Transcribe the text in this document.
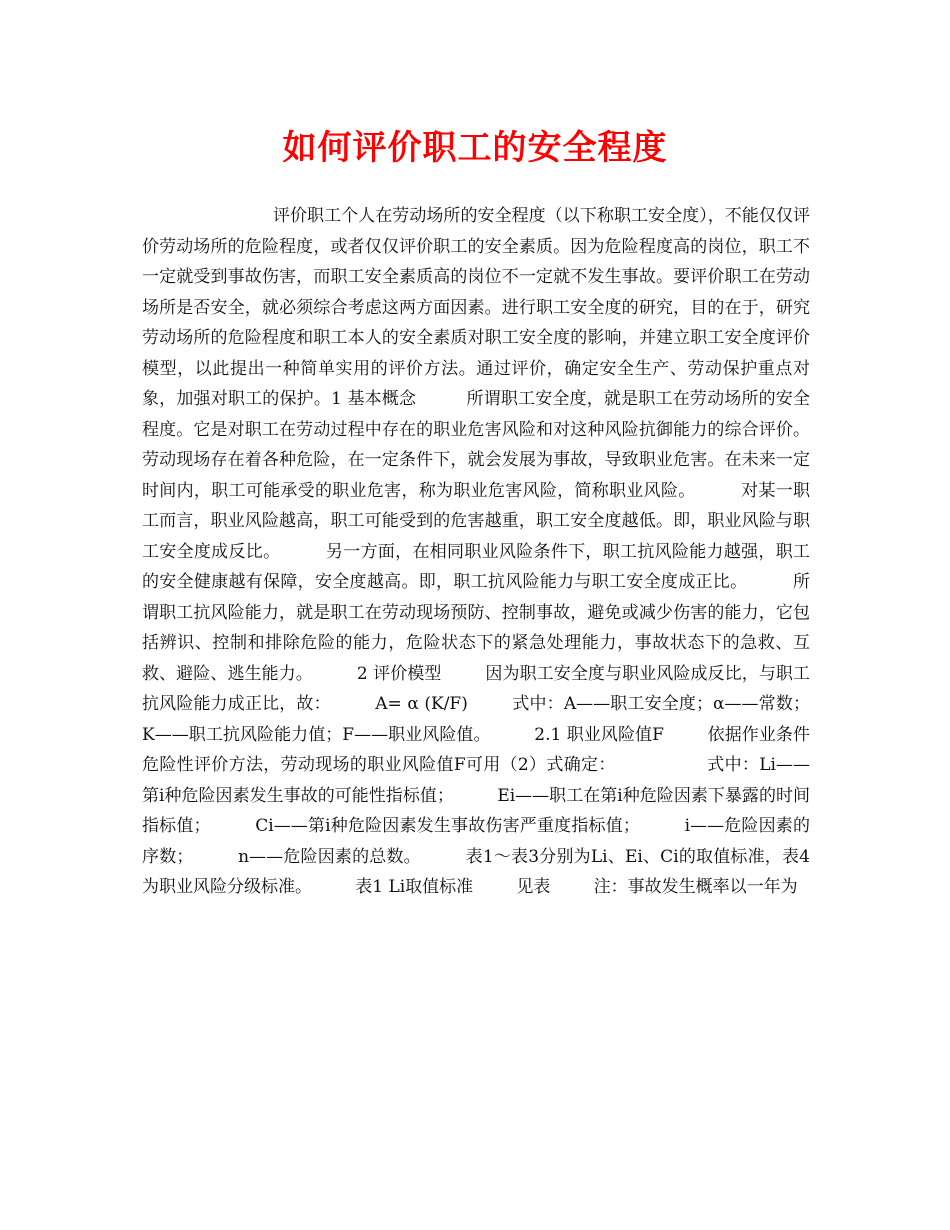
如何评价职工的安全程度

评价职工个人在劳动场所的安全程度（以下称职工安全度），不能仅仅评价劳动场所的危险程度，或者仅仅评价职工的安全素质。因为危险程度高的岗位，职工不一定就受到事故伤害，而职工安全素质高的岗位不一定就不发生事故。要评价职工在劳动场所是否安全，就必须综合考虑这两方面因素。进行职工安全度的研究，目的在于，研究劳动场所的危险程度和职工本人的安全素质对职工安全度的影响，并建立职工安全度评价模型，以此提出一种简单实用的评价方法。通过评价，确定安全生产、劳动保护重点对象，加强对职工的保护。1 基本概念         所谓职工安全度，就是职工在劳动场所的安全程度。它是对职工在劳动过程中存在的职业危害风险和对这种风险抗御能力的综合评价。        劳动现场存在着各种危险，在一定条件下，就会发展为事故，导致职业危害。在未来一定时间内，职工可能承受的职业危害，称为职业危害风险，简称职业风险。        对某一职工而言，职业风险越高，职工可能受到的危害越重，职工安全度越低。即，职业风险与职工安全度成反比。        另一方面，在相同职业风险条件下，职工抗风险能力越强，职工的安全健康越有保障，安全度越高。即，职工抗风险能力与职工安全度成正比。        所谓职工抗风险能力，就是职工在劳动现场预防、控制事故，避免或减少伤害的能力，它包括辨识、控制和排除危险的能力，危险状态下的紧急处理能力，事故状态下的急救、互救、避险、逃生能力。        2 评价模型        因为职工安全度与职业风险成反比，与职工抗风险能力成正比，故：        A= α (K/F)        式中：A——职工安全度；α——常数；        K——职工抗风险能力值；F——职业风险值。        2.1 职业风险值F        依据作业条件危险性评价方法，劳动现场的职业风险值F可用（2）式确定：                式中：Li——第i种危险因素发生事故的可能性指标值；        Ei——职工在第i种危险因素下暴露的时间指标值；        Ci——第i种危险因素发生事故伤害严重度指标值；        i——危险因素的序数；        n——危险因素的总数。        表1～表3分别为Li、Ei、Ci的取值标准，表4为职业风险分级标准。        表1 Li取值标准        见表        注：事故发生概率以一年为
